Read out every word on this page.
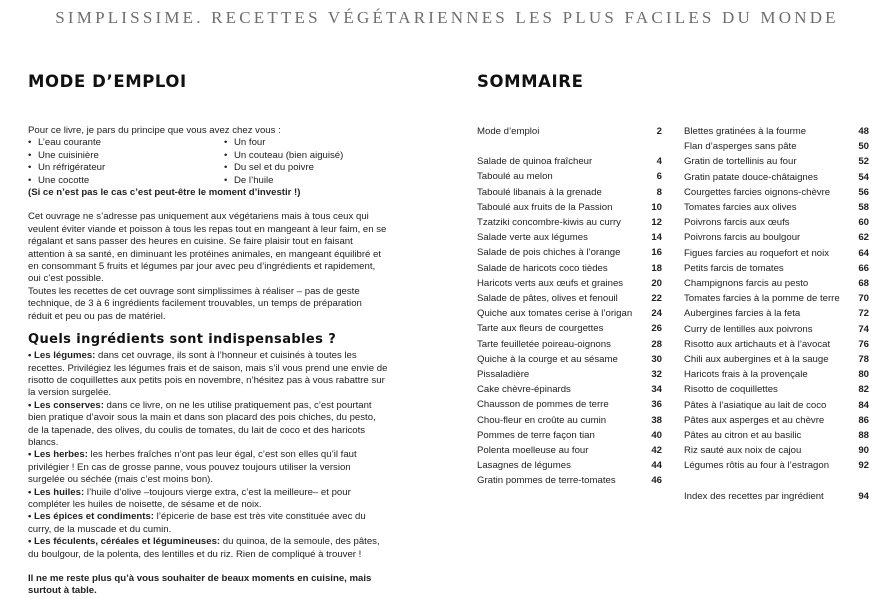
SIMPLISSIME. RECETTES VÉGÉTARIENNES LES PLUS FACILES DU MONDE
MODE D’EMPLOI	SOMMAIRE

Pour ce livre, je pars du principe que vous avez chez vous :

• L’eau courante	• Un four
• Une cuisinière	• Un couteau (bien aiguisé)
• Un réfrigérateur	• Du sel et du poivre
• Une cocotte	• De l’huile

(Si ce n’est pas le cas c’est peut-être le moment d’investir !)

Cet ouvrage ne s’adresse pas uniquement aux végétariens mais à tous ceux qui veulent éviter viande et poisson à tous les repas tout en mangeant à leur faim, en se régalant et sans passer des heures en cuisine. Se faire plaisir tout en faisant attention à sa santé, en diminuant les protéines animales, en mangeant équilibré et en consommant 5 fruits et légumes par jour avec peu d’ingrédients et rapidement, oui c’est possible.

Toutes les recettes de cet ouvrage sont simplissimes à réaliser – pas de geste technique, de 3 à 6 ingrédients facilement trouvables, un temps de préparation réduit et peu ou pas de matériel.

Quels ingrédients sont indispensables ?

• Les légumes: dans cet ouvrage, ils sont à l’honneur et cuisinés à toutes les recettes. Privilégiez les légumes frais et de saison, mais s’il vous prend une envie de risotto de coquillettes aux petits pois en novembre, n’hésitez pas à vous rabattre sur la version surgelée.

• Les conserves: dans ce livre, on ne les utilise pratiquement pas, c’est pourtant bien pratique d’avoir sous la main et dans son placard des pois chiches, du pesto, de la tapenade, des olives, du coulis de tomates, du lait de coco et des haricots blancs.

• Les herbes: les herbes fraîches n’ont pas leur égal, c’est son elles qu’il faut privilégier ! En cas de grosse panne, vous pouvez toujours utiliser la version surgelée ou séchée (mais c’est moins bon).

• Les huiles: l’huile d’olive –toujours vierge extra, c’est la meilleure– et pour compléter les huiles de noisette, de sésame et de noix.

• Les épices et condiments: l’épicerie de base est très vite constituée avec du curry, de la muscade et du cumin.

• Les féculents, céréales et légumineuses: du quinoa, de la semoule, des pâtes, du boulgour, de la polenta, des lentilles et du riz. Rien de compliqué à trouver !

Il ne me reste plus qu’à vous souhaiter de beaux moments en cuisine, mais surtout à table.

Mode d’emploi	2
Salade de quinoa fraîcheur	4
Taboulé au melon	6
Taboulé libanais à la grenade	8
Taboulé aux fruits de la Passion	10
Tzatziki concombre-kiwis au curry	12
Salade verte aux légumes	14
Salade de pois chiches à l’orange	16
Salade de haricots coco tièdes	18
Haricots verts aux œufs et graines	20
Salade de pâtes, olives et fenouil	22
Quiche aux tomates cerise à l’origan 24
Tarte aux fleurs de courgettes	26
Tarte feuilletée poireau-oignons	28
Quiche à la courge et au sésame	30
Pissaladière	32
Cake chèvre-épinards	34
Chausson de pommes de terre	36
Chou-fleur en croûte au cumin	38
Pommes de terre façon tian	40
Polenta moelleuse au four	42
Lasagnes de légumes	44
Gratin pommes de terre-tomates	46
Blettes gratinées à la fourme	48
Flan d’asperges sans pâte	50
Gratin de tortellinis au four	52
Gratin patate douce-châtaignes	54
Courgettes farcies oignons-chèvre	56
Tomates farcies aux olives	58
Poivrons farcis aux œufs	60
Poivrons farcis au boulgour	62
Figues farcies au roquefort et noix	64
Petits farcis de tomates	66
Champignons farcis au pesto	68
Tomates farcies à la pomme de terre 70
Aubergines farcies à la feta	72
Curry de lentilles aux poivrons	74
Risotto aux artichauts et à l’avocat	76
Chili aux aubergines et à la sauge	78
Haricots frais à la provençale	80
Risotto de coquillettes	82
Pâtes à l’asiatique au lait de coco	84
Pâtes aux asperges et au chèvre	86
Pâtes au citron et au basilic	88
Riz sauté aux noix de cajou	90
Légumes rôtis au four à l’estragon	92
Index des recettes par ingrédient	94
